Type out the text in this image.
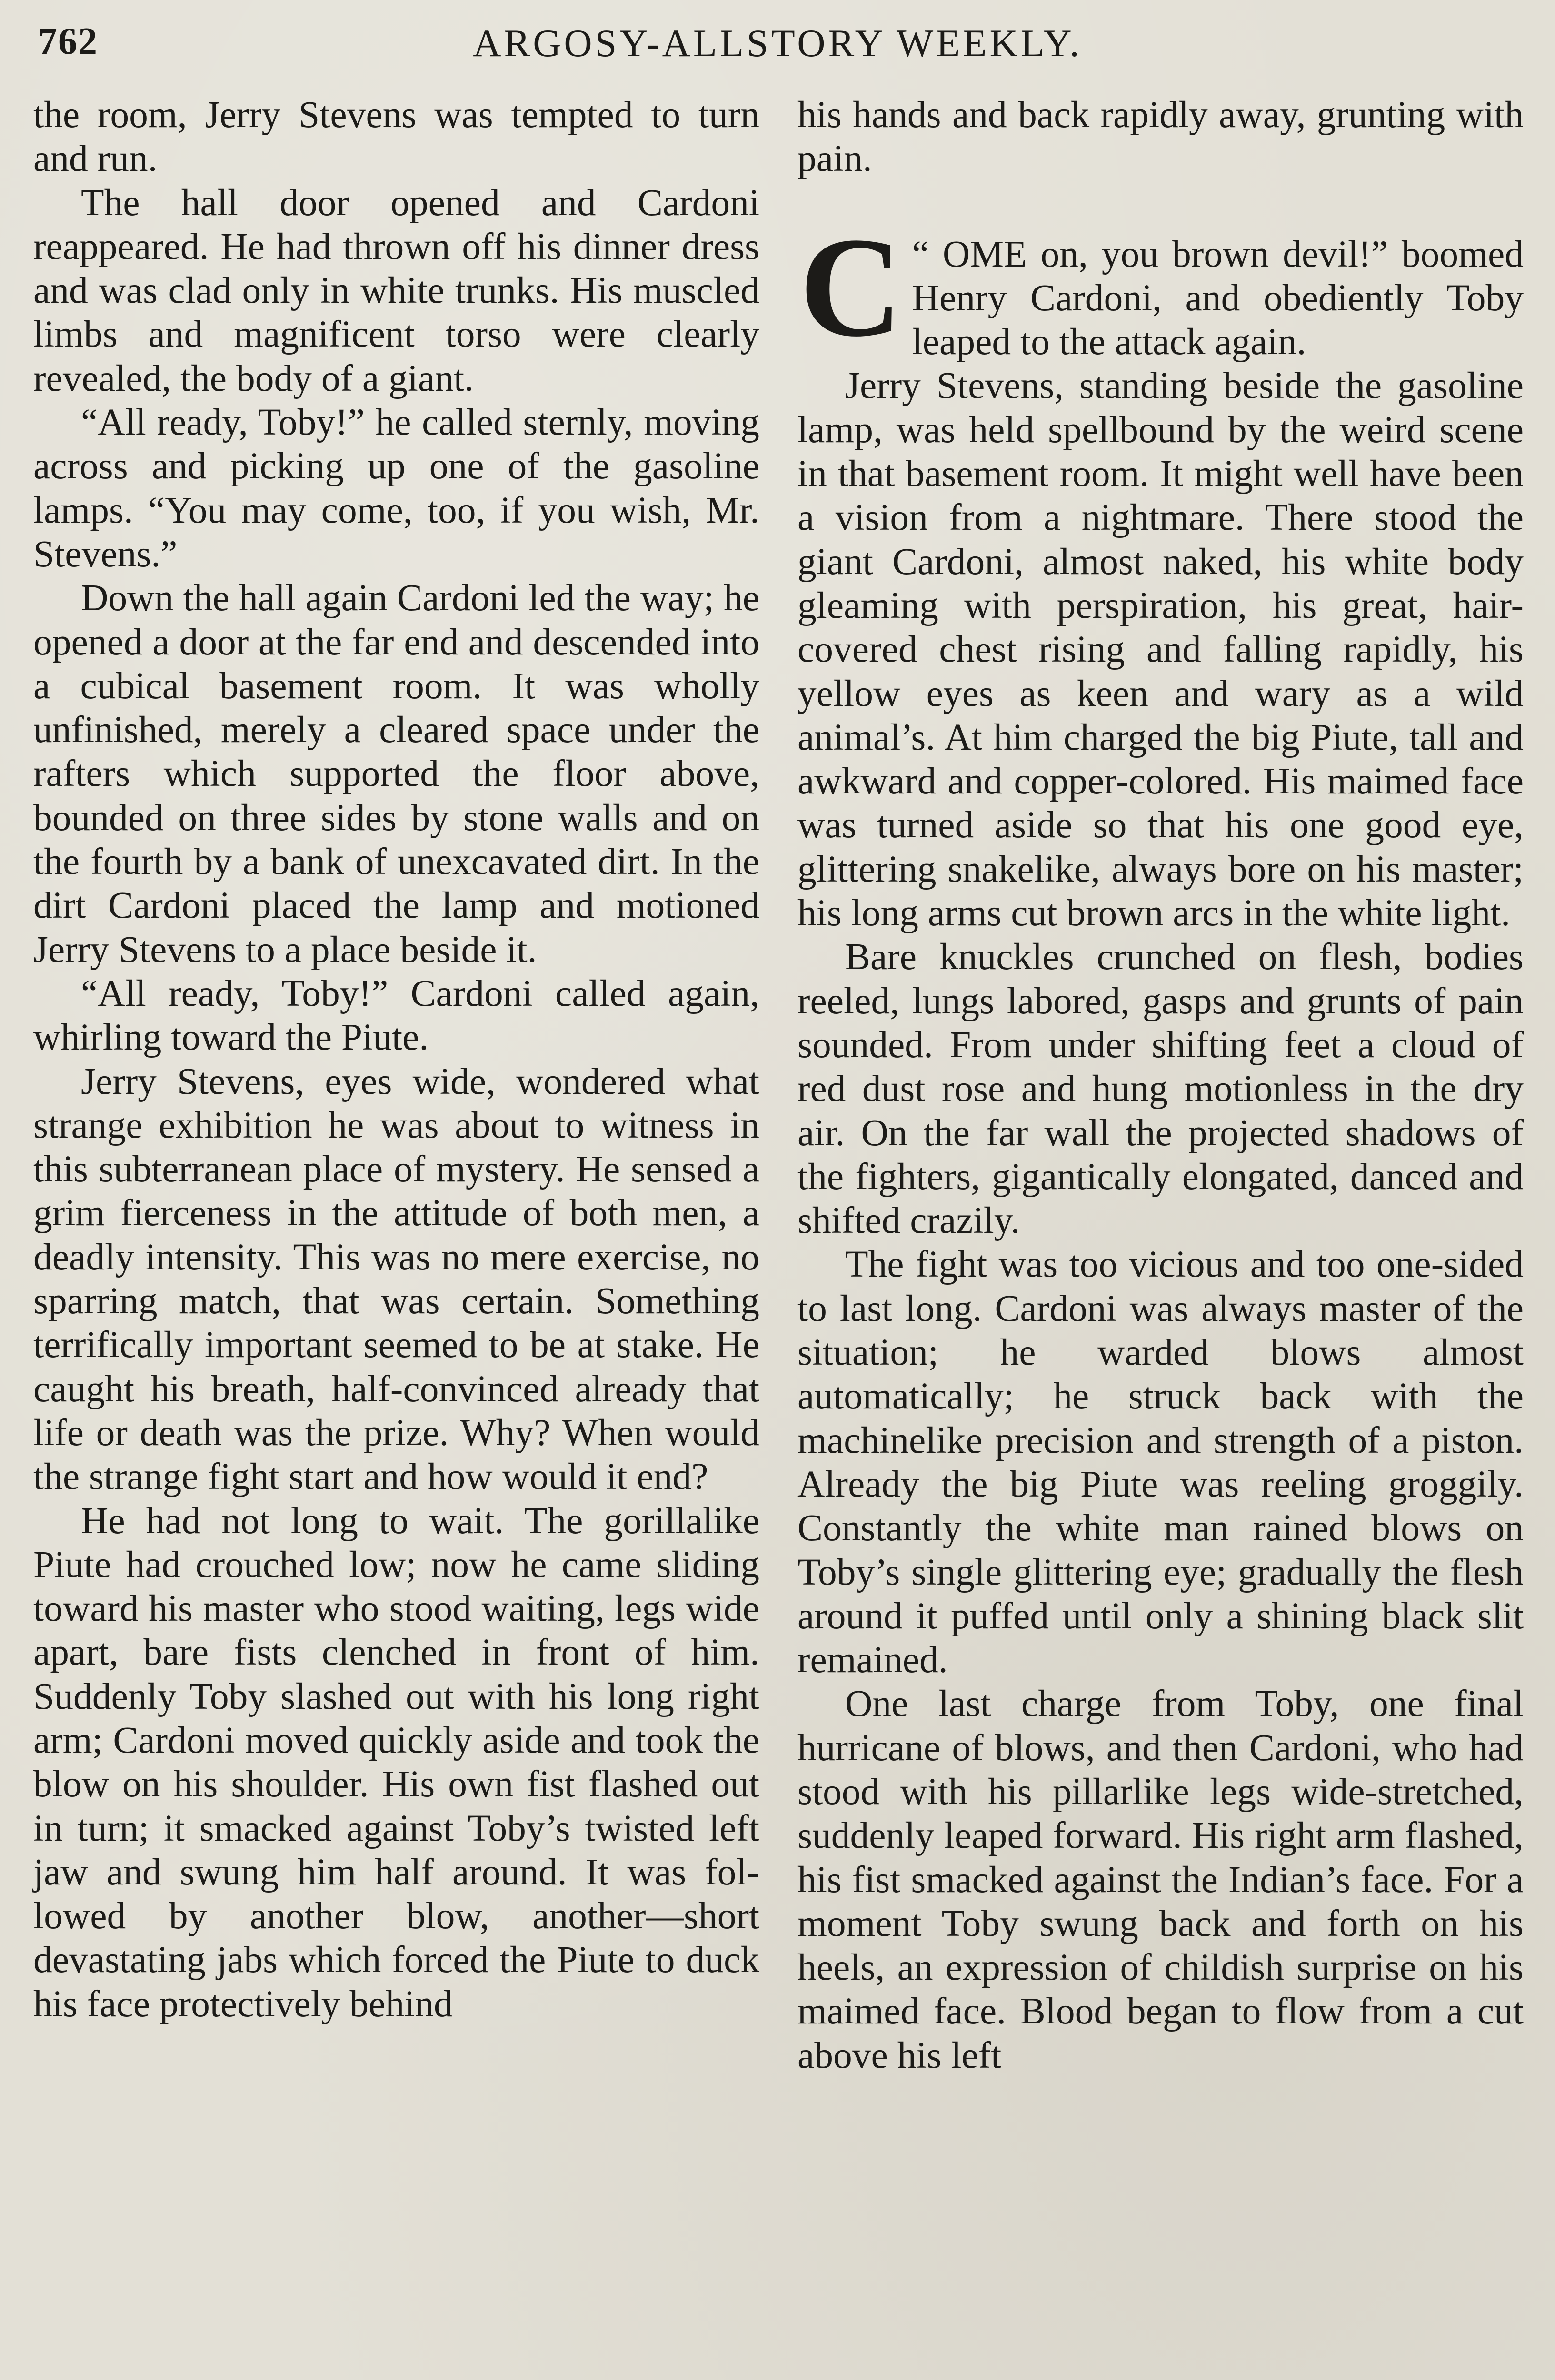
762	ARGOSY-ALLSTORY WEEKLY.

the room, Jerry Stevens was tempted to turn and run.

The hall door opened and Cardoni reappeared. He had thrown off his dinner dress and was clad only in white trunks. His muscled limbs and magnificent torso were clearly revealed, the body of a giant.

“All ready, Toby!” he called sternly, moving across and picking up one of the gasoline lamps. “You may come, too, if you wish, Mr. Stevens.”

Down the hall again Cardoni led the way; he opened a door at the far end and descended into a cubical basement room. It was wholly unfinished, merely a cleared space under the rafters which supported the floor above, bounded on three sides by stone walls and on the fourth by a bank of unexcavated dirt. In the dirt Cardoni placed the lamp and motioned Jerry Stevens to a place beside it.

“All ready, Toby!” Cardoni called again, whirling toward the Piute.

Jerry Stevens, eyes wide, wondered what strange exhibition he was about to witness in this subterranean place of mystery. He sensed a grim fierceness in the attitude of both men, a deadly intensity. This was no mere exercise, no sparring match, that was certain. Something terrifically important seemed to be at stake. He caught his breath, half-convinced already that life or death was the prize. Why? When would the strange fight start and how would it end?

He had not long to wait. The gorillalike Piute had crouched low; now he came sliding toward his master who stood waiting, legs wide apart, bare fists clenched in front of him. Suddenly Toby slashed out with his long right arm; Cardoni moved quickly aside and took the blow on his shoulder. His own fist flashed out in turn; it smacked against Toby’s twisted left jaw and swung him half around. It was followed by another blow, another—short devastating jabs which forced the Piute to duck his face protectively behind

his hands and back rapidly away, grunting with pain.

C “ OME on, you brown devil!” boomed Henry Cardoni, and obediently Toby leaped to the attack again.

Jerry Stevens, standing beside the gasoline lamp, was held spellbound by the weird scene in that basement room. It might well have been a vision from a nightmare. There stood the giant Cardoni, almost naked, his white body gleaming with perspiration, his great, hair-covered chest rising and falling rapidly, his yellow eyes as keen and wary as a wild animal’s. At him charged the big Piute, tall and awkward and copper-colored. His maimed face was turned aside so that his one good eye, glittering snakelike, always bore on his master; his long arms cut brown arcs in the white light.

Bare knuckles crunched on flesh, bodies reeled, lungs labored, gasps and grunts of pain sounded. From under shifting feet a cloud of red dust rose and hung motionless in the dry air. On the far wall the projected shadows of the fighters, gigantically elongated, danced and shifted crazily.

The fight was too vicious and too one-sided to last long. Cardoni was always master of the situation; he warded blows almost automatically; he struck back with the machinelike precision and strength of a piston. Already the big Piute was reeling groggily. Constantly the white man rained blows on Toby’s single glittering eye; gradually the flesh around it puffed until only a shining black slit remained.

One last charge from Toby, one final hurricane of blows, and then Cardoni, who had stood with his pillarlike legs wide-stretched, suddenly leaped forward. His right arm flashed, his fist smacked against the Indian’s face. For a moment Toby swung back and forth on his heels, an expression of childish surprise on his maimed face. Blood began to flow from a cut above his left
